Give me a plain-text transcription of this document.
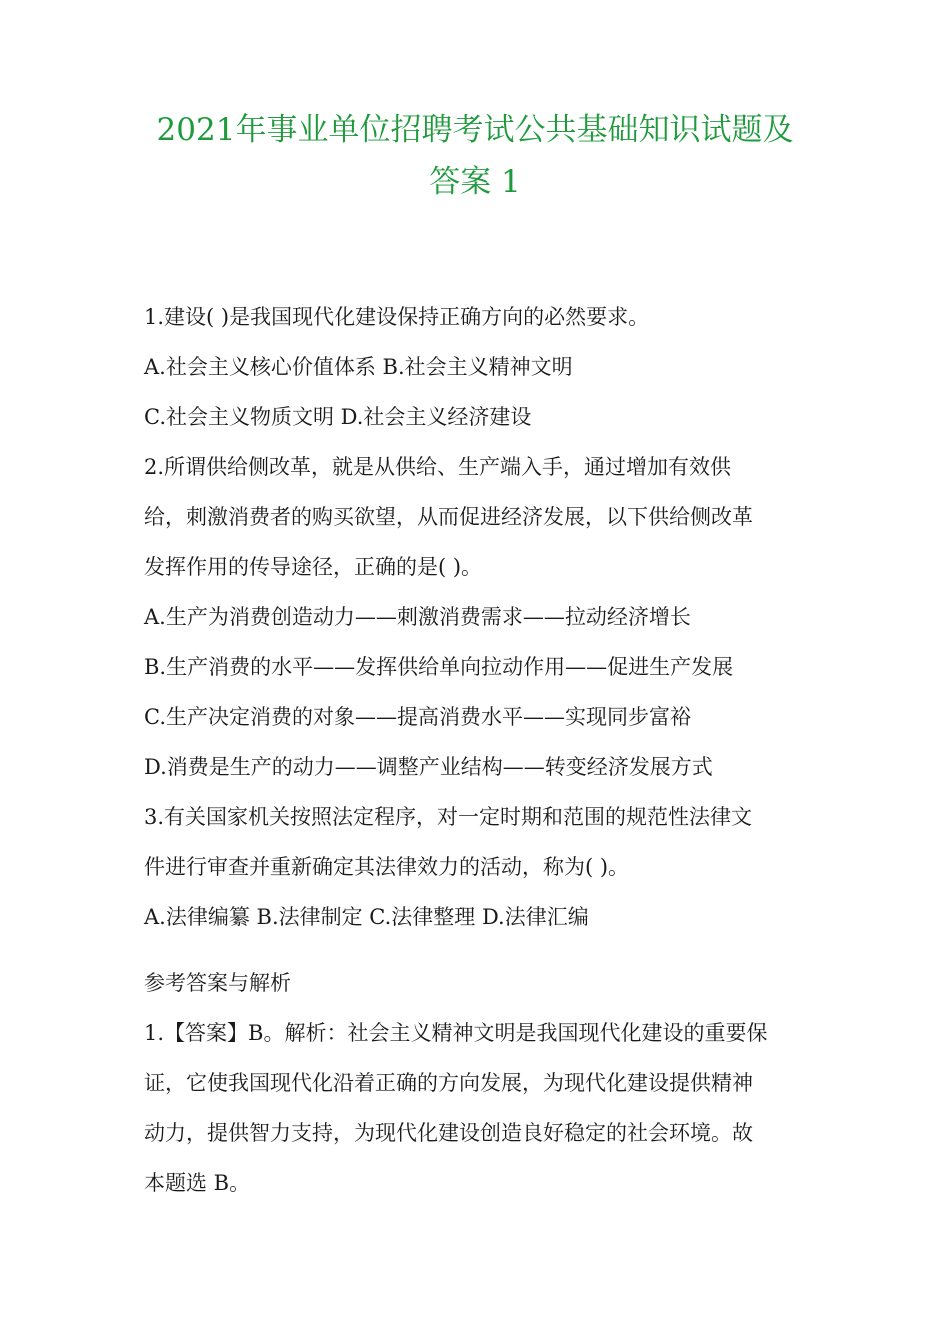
2021年事业单位招聘考试公共基础知识试题及
答案 1

1.建设( )是我国现代化建设保持正确方向的必然要求。

A.社会主义核心价值体系 B.社会主义精神文明

C.社会主义物质文明 D.社会主义经济建设

2.所谓供给侧改革，就是从供给、生产端入手，通过增加有效供

给，刺激消费者的购买欲望，从而促进经济发展，以下供给侧改革

发挥作用的传导途径，正确的是( )。

A.生产为消费创造动力——刺激消费需求——拉动经济增长

B.生产消费的水平——发挥供给单向拉动作用——促进生产发展

C.生产决定消费的对象——提高消费水平——实现同步富裕

D.消费是生产的动力——调整产业结构——转变经济发展方式

3.有关国家机关按照法定程序，对一定时期和范围的规范性法律文

件进行审查并重新确定其法律效力的活动，称为( )。

A.法律编纂 B.法律制定 C.法律整理 D.法律汇编

参考答案与解析

1.【答案】B。解析：社会主义精神文明是我国现代化建设的重要保

证，它使我国现代化沿着正确的方向发展，为现代化建设提供精神

动力，提供智力支持，为现代化建设创造良好稳定的社会环境。故

本题选 B。
